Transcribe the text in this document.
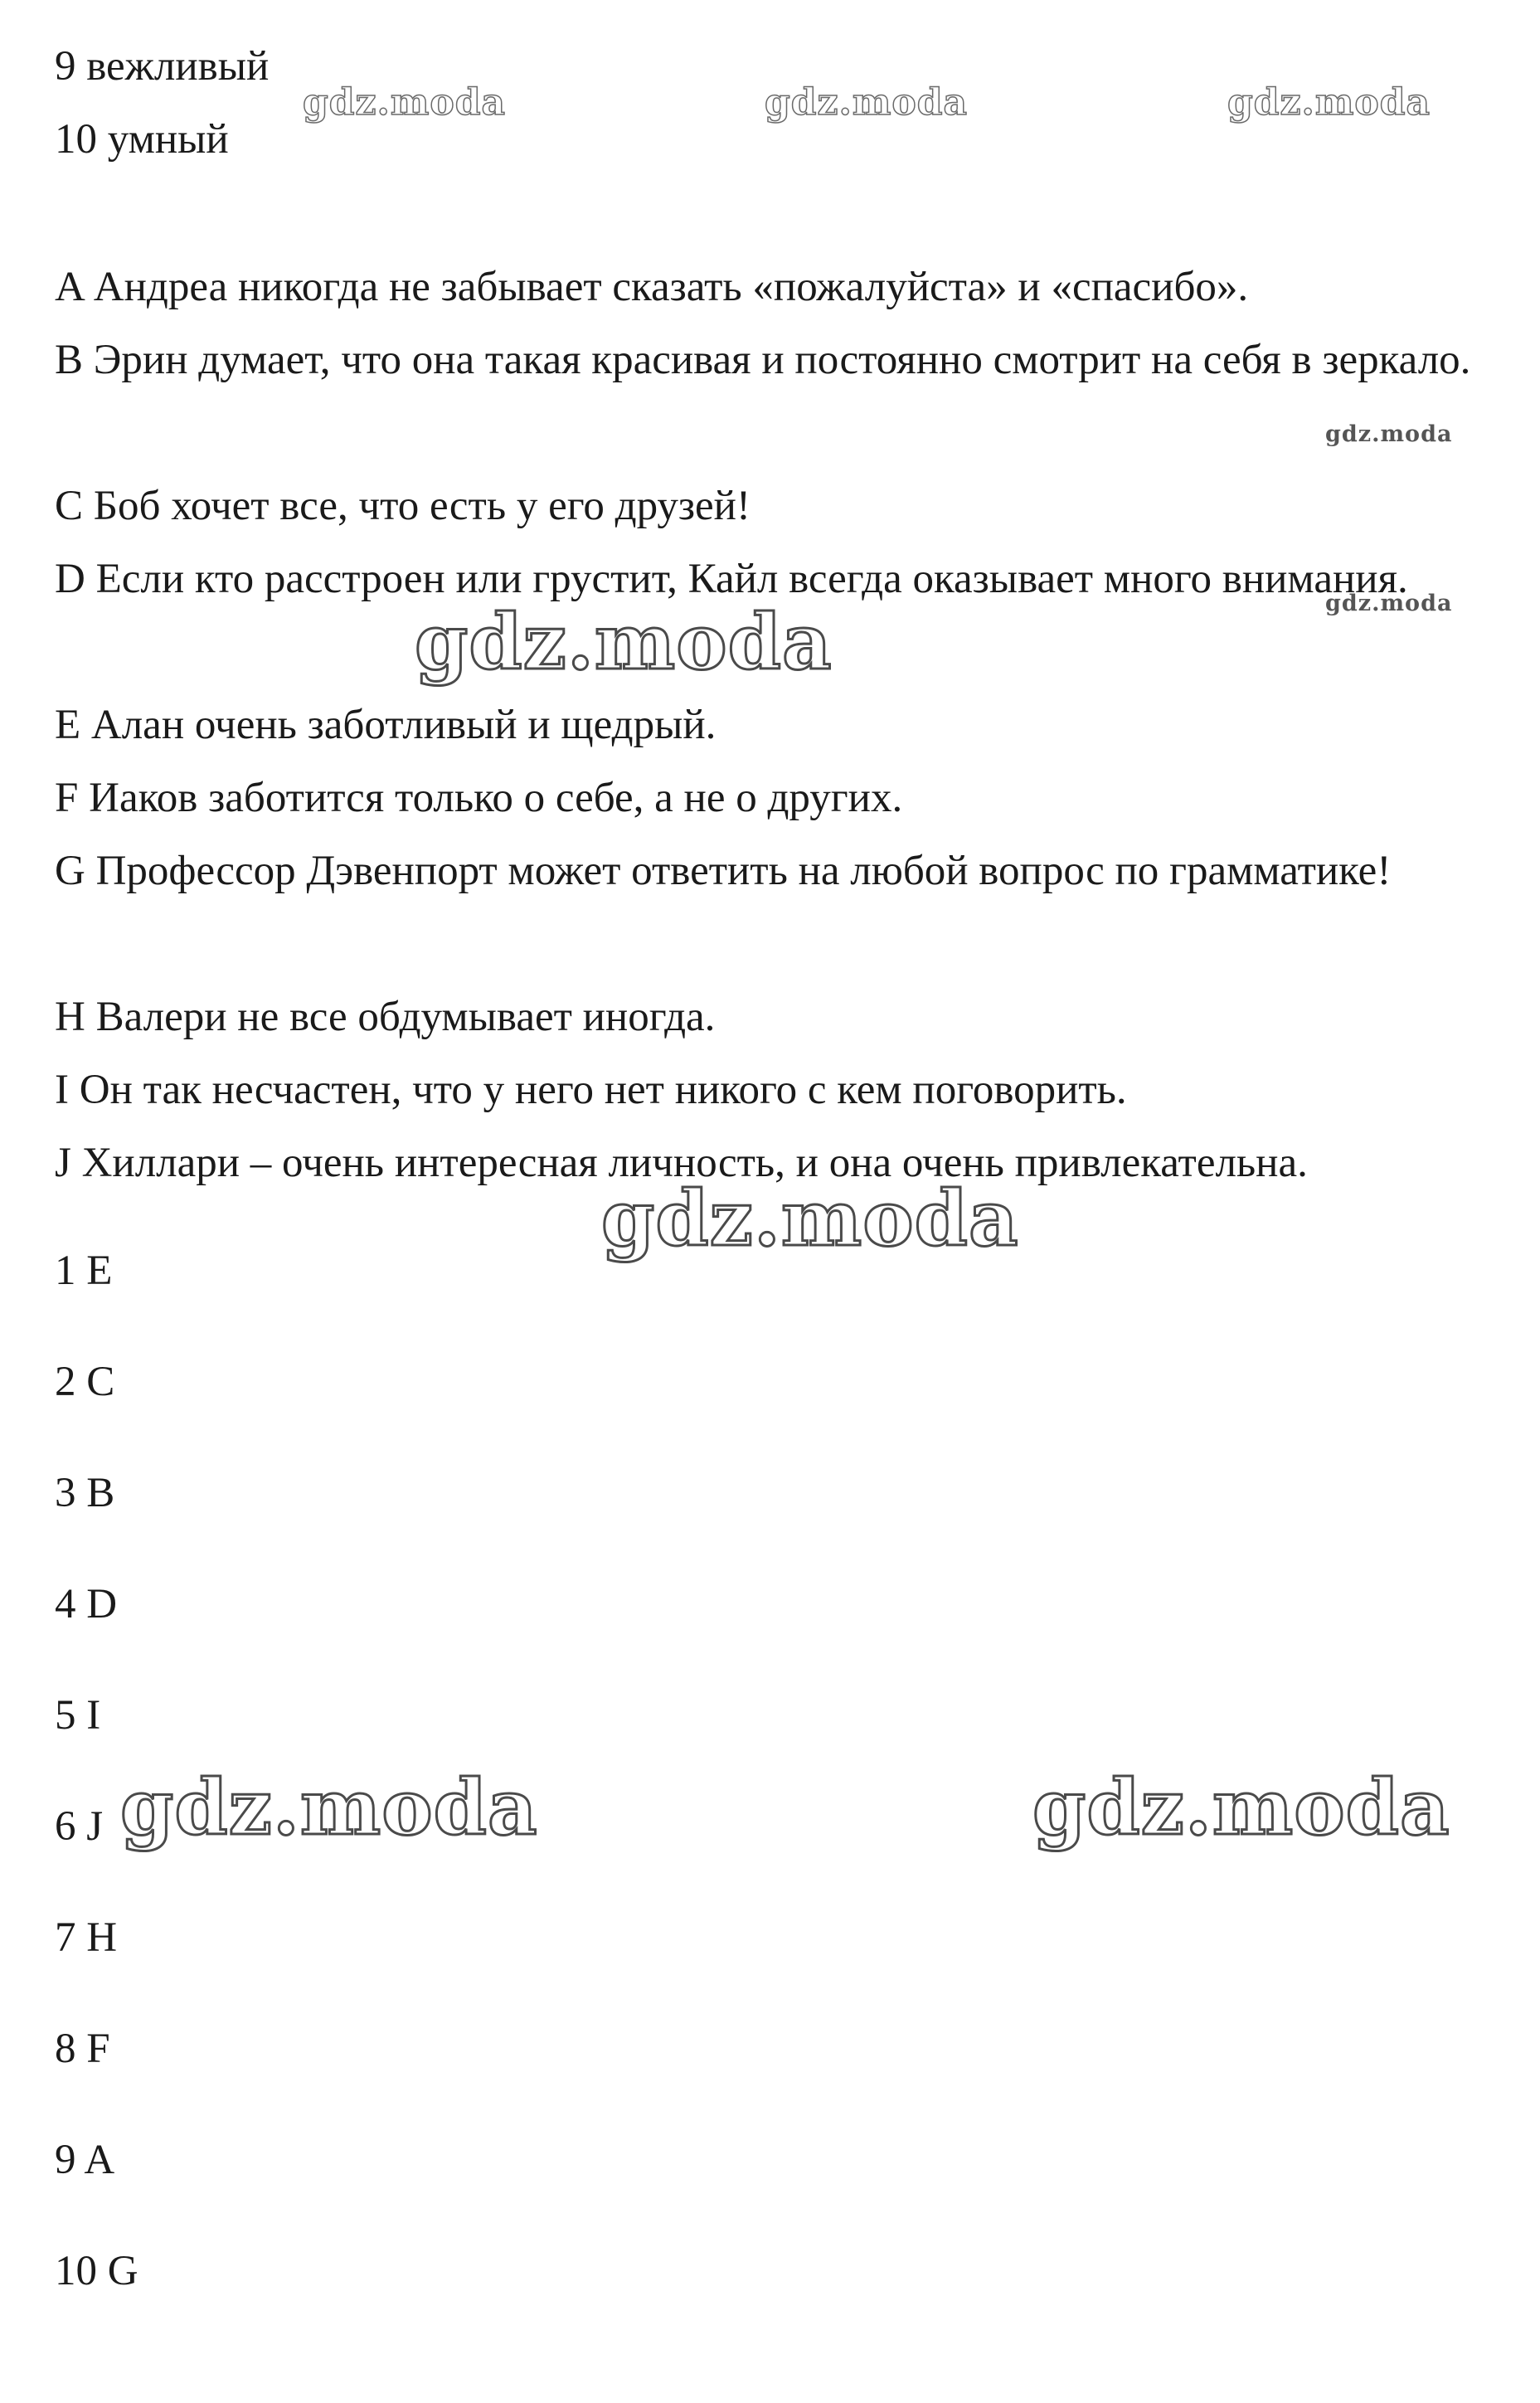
9 вежливый
10 умный
A Андреа никогда не забывает сказать «пожалуйста» и «спасибо».
B Эрин думает, что она такая красивая и постоянно смотрит на себя в зеркало.
C Боб хочет все, что есть у его друзей!
D Если кто расстроен или грустит, Кайл всегда оказывает много внимания.
E Алан очень заботливый и щедрый.
F Иаков заботится только о себе, а не о других.
G Профессор Дэвенпорт может ответить на любой вопрос по грамматике!
H Валери не все обдумывает иногда.
I Он так несчастен, что у него нет никого с кем поговорить.
J Хиллари – очень интересная личность, и она очень привлекательна.
1 E
2 C
3 B
4 D
5 I
6 J
7 H
8 F
9 A
10 G
gdz.moda	gdz.moda	gdz.moda
gdz.moda
gdz.moda
gdz.moda
gdz.moda
gdz.moda	gdz.moda
